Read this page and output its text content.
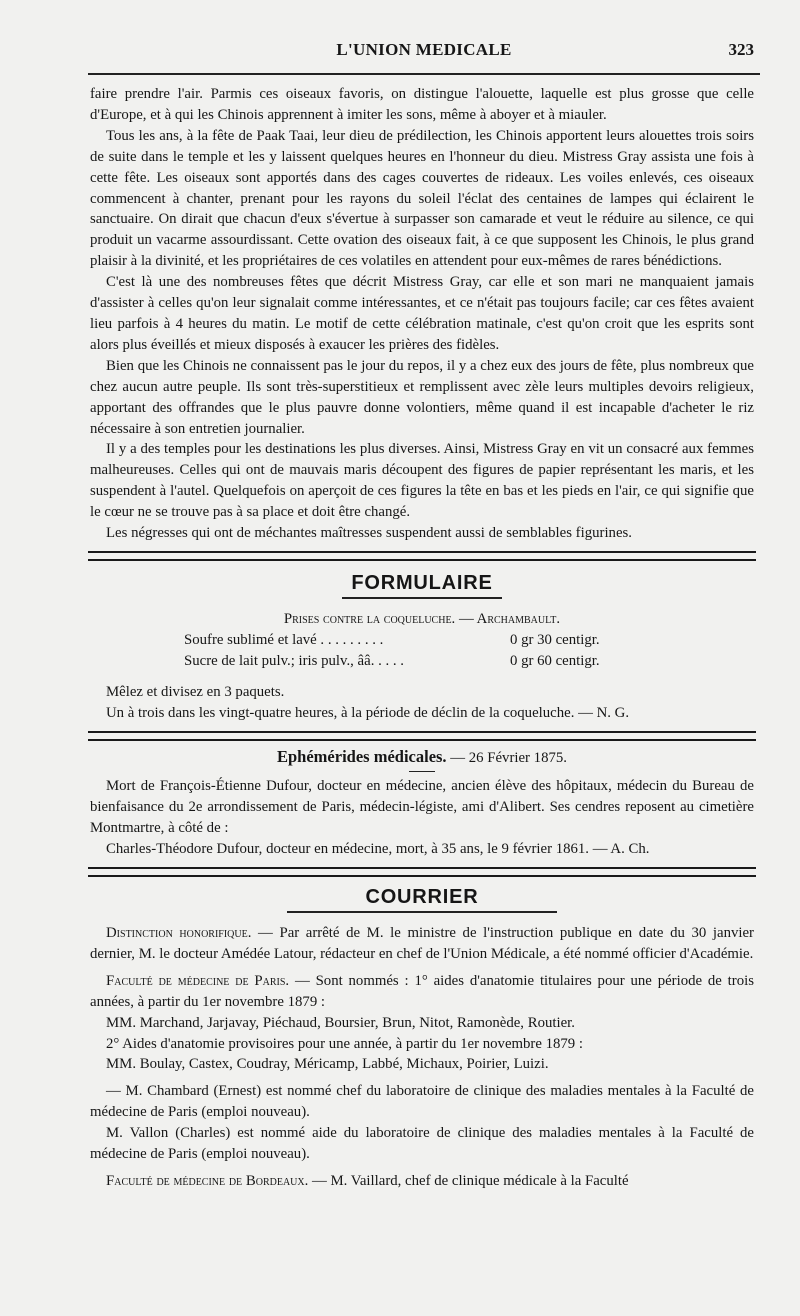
L'UNION MEDICALE	323

faire prendre l'air. Parmis ces oiseaux favoris, on distingue l'alouette, laquelle est plus grosse que celle d'Europe, et à qui les Chinois apprennent à imiter les sons, même à aboyer et à miauler.

Tous les ans, à la fête de Paak Taai, leur dieu de prédilection, les Chinois apportent leurs alouettes trois soirs de suite dans le temple et les y laissent quelques heures en l'honneur du dieu. Mistress Gray assista une fois à cette fête. Les oiseaux sont apportés dans des cages couvertes de rideaux. Les voiles enlevés, ces oiseaux commencent à chanter, prenant pour les rayons du soleil l'éclat des centaines de lampes qui éclairent le sanctuaire. On dirait que chacun d'eux s'évertue à surpasser son camarade et veut le réduire au silence, ce qui produit un vacarme assourdissant. Cette ovation des oiseaux fait, à ce que supposent les Chinois, le plus grand plaisir à la divinité, et les propriétaires de ces volatiles en attendent pour eux-mêmes de rares bénédictions.

C'est là une des nombreuses fêtes que décrit Mistress Gray, car elle et son mari ne manquaient jamais d'assister à celles qu'on leur signalait comme intéressantes, et ce n'était pas toujours facile; car ces fêtes avaient lieu parfois à 4 heures du matin. Le motif de cette célébration matinale, c'est qu'on croit que les esprits sont alors plus éveillés et mieux disposés à exaucer les prières des fidèles.

Bien que les Chinois ne connaissent pas le jour du repos, il y a chez eux des jours de fête, plus nombreux que chez aucun autre peuple. Ils sont très-superstitieux et remplissent avec zèle leurs multiples devoirs religieux, apportant des offrandes que le plus pauvre donne volontiers, même quand il est incapable d'acheter le riz nécessaire à son entretien journalier.

Il y a des temples pour les destinations les plus diverses. Ainsi, Mistress Gray en vit un consacré aux femmes malheureuses. Celles qui ont de mauvais maris découpent des figures de papier représentant les maris, et les suspendent à l'autel. Quelquefois on aperçoit de ces figures la tête en bas et les pieds en l'air, ce qui signifie que le cœur ne se trouve pas à sa place et doit être changé.

Les négresses qui ont de méchantes maîtresses suspendent aussi de semblables figurines.

FORMULAIRE

Prises contre la coqueluche. — Archambault.

Soufre sublimé et lavé . . . . . . . . .	0 gr 30 centigr.
Sucre de lait pulv.; iris pulv., ââ. . . . .	0 gr 60 centigr.

Mêlez et divisez en 3 paquets.

Un à trois dans les vingt-quatre heures, à la période de déclin de la coqueluche. — N. G.

Ephémérides médicales. — 26 Février 1875.

Mort de François-Étienne Dufour, docteur en médecine, ancien élève des hôpitaux, médecin du Bureau de bienfaisance du 2e arrondissement de Paris, médecin-légiste, ami d'Alibert. Ses cendres reposent au cimetière Montmartre, à côté de :

Charles-Théodore Dufour, docteur en médecine, mort, à 35 ans, le 9 février 1861. — A. Ch.

COURRIER

Distinction honorifique. — Par arrêté de M. le ministre de l'instruction publique en date du 30 janvier dernier, M. le docteur Amédée Latour, rédacteur en chef de l'Union Médicale, a été nommé officier d'Académie.

Faculté de médecine de Paris. — Sont nommés : 1° aides d'anatomie titulaires pour une période de trois années, à partir du 1er novembre 1879 :

MM. Marchand, Jarjavay, Piéchaud, Boursier, Brun, Nitot, Ramonède, Routier.

2° Aides d'anatomie provisoires pour une année, à partir du 1er novembre 1879 :

MM. Boulay, Castex, Coudray, Méricamp, Labbé, Michaux, Poirier, Luizi.

— M. Chambard (Ernest) est nommé chef du laboratoire de clinique des maladies mentales à la Faculté de médecine de Paris (emploi nouveau).

M. Vallon (Charles) est nommé aide du laboratoire de clinique des maladies mentales à la Faculté de médecine de Paris (emploi nouveau).

Faculté de médecine de Bordeaux. — M. Vaillard, chef de clinique médicale à la Faculté
